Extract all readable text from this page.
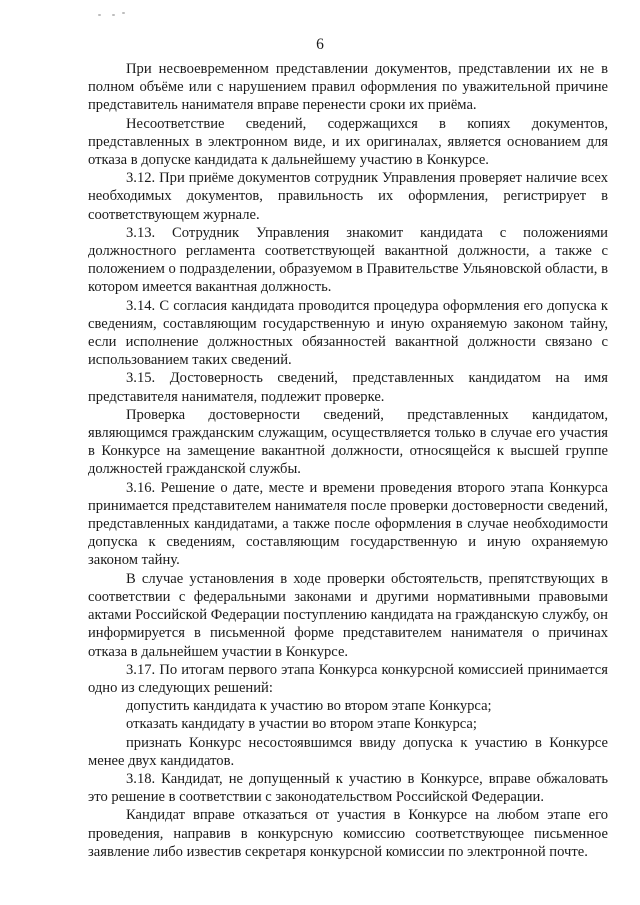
6

При несвоевременном представлении документов, представлении их не в полном объёме или с нарушением правил оформления по уважительной причине представитель нанимателя вправе перенести сроки их приёма.

Несоответствие сведений, содержащихся в копиях документов, представленных в электронном виде, и их оригиналах, является основанием для отказа в допуске кандидата к дальнейшему участию в Конкурсе.

3.12. При приёме документов сотрудник Управления проверяет наличие всех необходимых документов, правильность их оформления, регистрирует в соответствующем журнале.

3.13. Сотрудник Управления знакомит кандидата с положениями должностного регламента соответствующей вакантной должности, а также с положением о подразделении, образуемом в Правительстве Ульяновской области, в котором имеется вакантная должность.

3.14. С согласия кандидата проводится процедура оформления его допуска к сведениям, составляющим государственную и иную охраняемую законом тайну, если исполнение должностных обязанностей вакантной должности связано с использованием таких сведений.

3.15. Достоверность сведений, представленных кандидатом на имя представителя нанимателя, подлежит проверке.

Проверка достоверности сведений, представленных кандидатом, являющимся гражданским служащим, осуществляется только в случае его участия в Конкурсе на замещение вакантной должности, относящейся к высшей группе должностей гражданской службы.

3.16. Решение о дате, месте и времени проведения второго этапа Конкурса принимается представителем нанимателя после проверки достоверности сведений, представленных кандидатами, а также после оформления в случае необходимости допуска к сведениям, составляющим государственную и иную охраняемую законом тайну.

В случае установления в ходе проверки обстоятельств, препятствующих в соответствии с федеральными законами и другими нормативными правовыми актами Российской Федерации поступлению кандидата на гражданскую службу, он информируется в письменной форме представителем нанимателя о причинах отказа в дальнейшем участии в Конкурсе.

3.17. По итогам первого этапа Конкурса конкурсной комиссией принимается одно из следующих решений:

допустить кандидата к участию во втором этапе Конкурса;

отказать кандидату в участии во втором этапе Конкурса;

признать Конкурс несостоявшимся ввиду допуска к участию в Конкурсе менее двух кандидатов.

3.18. Кандидат, не допущенный к участию в Конкурсе, вправе обжаловать это решение в соответствии с законодательством Российской Федерации.

Кандидат вправе отказаться от участия в Конкурсе на любом этапе его проведения, направив в конкурсную комиссию соответствующее письменное заявление либо известив секретаря конкурсной комиссии по электронной почте.
